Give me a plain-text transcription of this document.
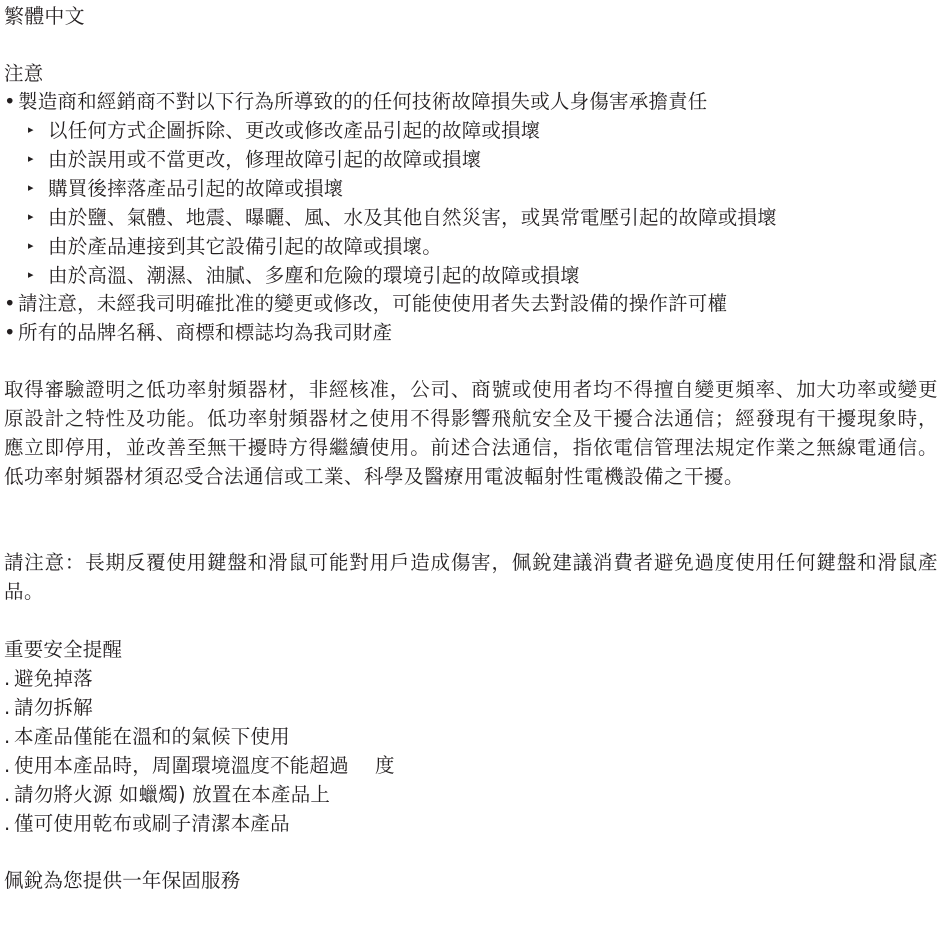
繁體中文
注意
• 製造商和經銷商不對以下行為所導致的的任何技術故障損失或人身傷害承擔責任
▸ 以任何方式企圖拆除、更改或修改產品引起的故障或損壞
▸ 由於誤用或不當更改，修理故障引起的故障或損壞
▸ 購買後摔落產品引起的故障或損壞
▸ 由於鹽、氣體、地震、曝曬、風、水及其他自然災害，或異常電壓引起的故障或損壞
▸ 由於產品連接到其它設備引起的故障或損壞。
▸ 由於高溫、潮濕、油膩、多塵和危險的環境引起的故障或損壞
• 請注意，未經我司明確批准的變更或修改，可能使使用者失去對設備的操作許可權
• 所有的品牌名稱、商標和標誌均為我司財產
取得審驗證明之低功率射頻器材，非經核准，公司、商號或使用者均不得擅自變更頻率、加大功率或變更原設計之特性及功能。低功率射頻器材之使用不得影響飛航安全及干擾合法通信；經發現有干擾現象時，應立即停用，並改善至無干擾時方得繼續使用。前述合法通信，指依電信管理法規定作業之無線電通信。低功率射頻器材須忍受合法通信或工業、科學及醫療用電波輻射性電機設備之干擾。
請注意：長期反覆使用鍵盤和滑鼠可能對用戶造成傷害，佩銳建議消費者避免過度使用任何鍵盤和滑鼠產品。
重要安全提醒
. 避免掉落
. 請勿拆解
. 本產品僅能在溫和的氣候下使用
. 使用本產品時，周圍環境溫度不能超過　 度
. 請勿將火源 如蠟燭) 放置在本產品上
. 僅可使用乾布或刷子清潔本產品
佩銳為您提供一年保固服務
